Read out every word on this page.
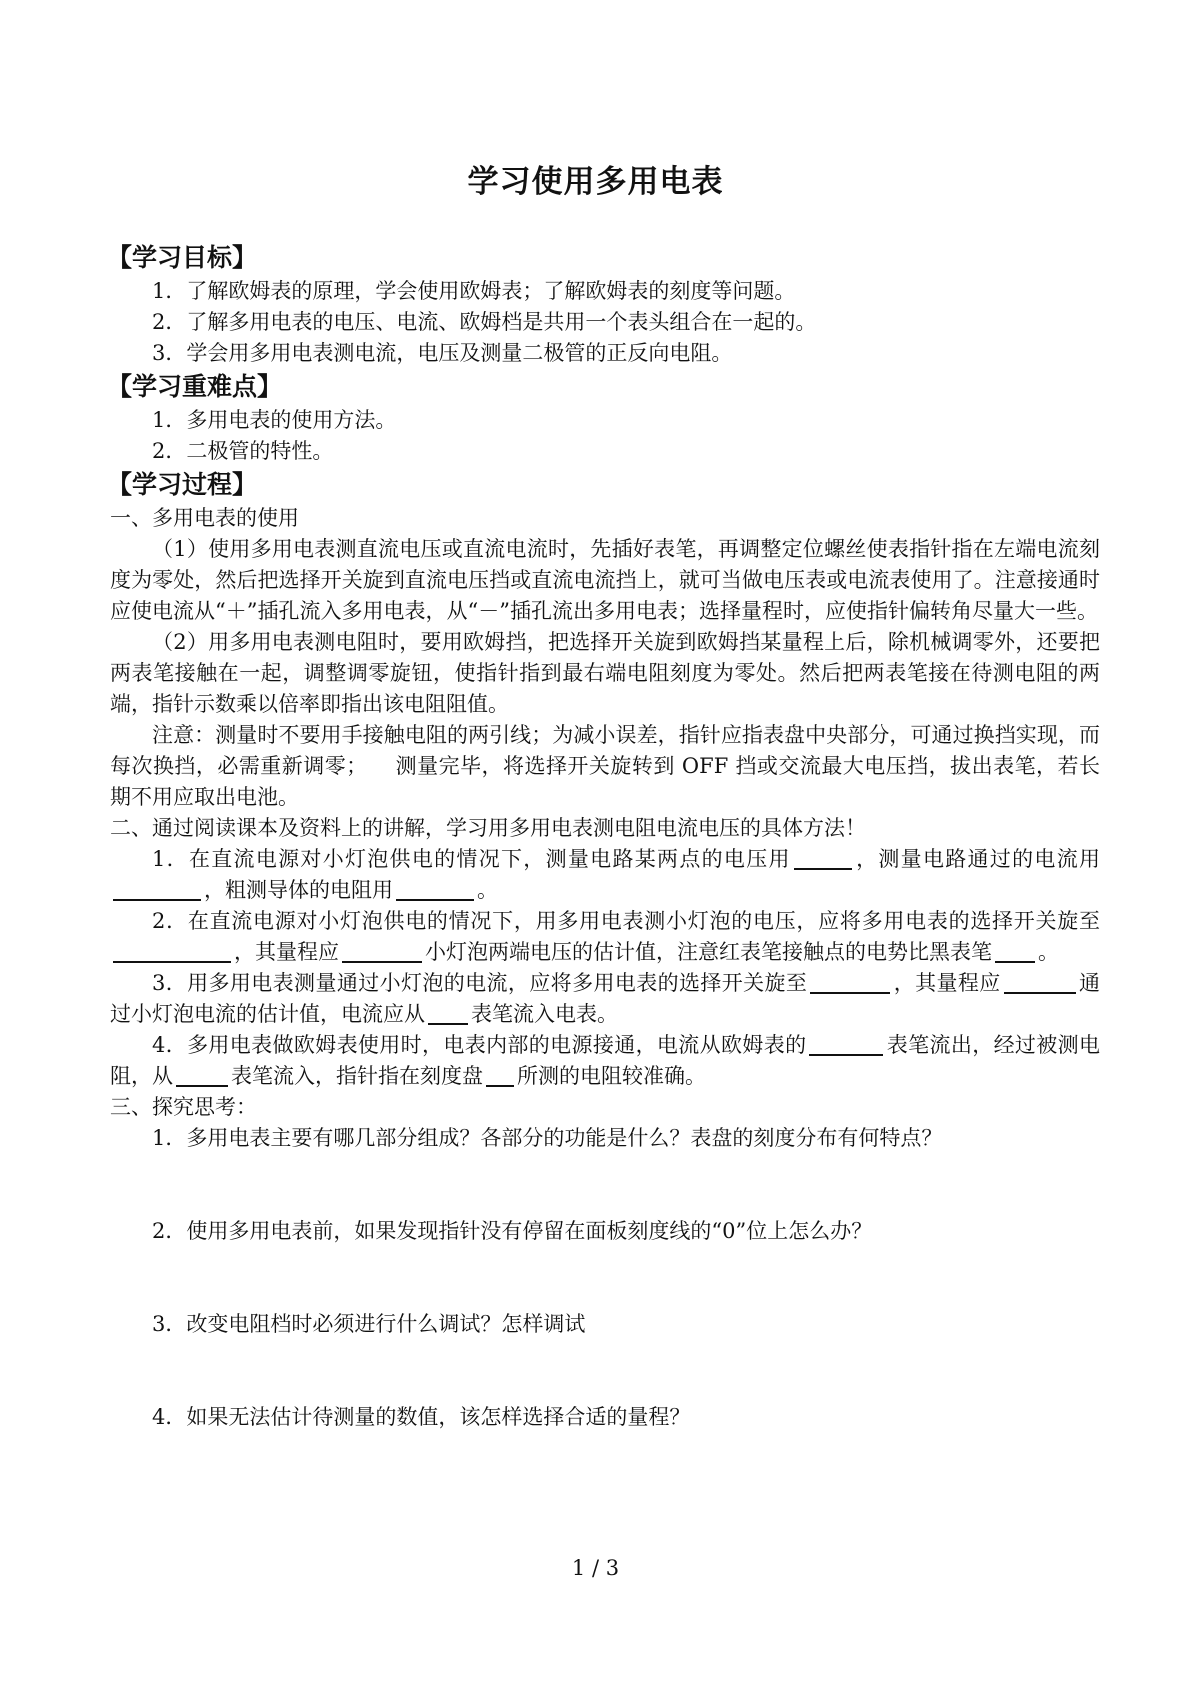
学习使用多用电表
【学习目标】
1．了解欧姆表的原理，学会使用欧姆表；了解欧姆表的刻度等问题。
2．了解多用电表的电压、电流、欧姆档是共用一个表头组合在一起的。
3．学会用多用电表测电流，电压及测量二极管的正反向电阻。
【学习重难点】
1．多用电表的使用方法。
2．二极管的特性。
【学习过程】
一、多用电表的使用
（1）使用多用电表测直流电压或直流电流时，先插好表笔，再调整定位螺丝使表指针指在左端电流刻度为零处，然后把选择开关旋到直流电压挡或直流电流挡上，就可当做电压表或电流表使用了。注意接通时应使电流从“＋”插孔流入多用电表，从“－”插孔流出多用电表；选择量程时，应使指针偏转角尽量大一些。
（2）用多用电表测电阻时，要用欧姆挡，把选择开关旋到欧姆挡某量程上后，除机械调零外，还要把两表笔接触在一起，调整调零旋钮，使指针指到最右端电阻刻度为零处。然后把两表笔接在待测电阻的两端，指针示数乘以倍率即指出该电阻阻值。
注意：测量时不要用手接触电阻的两引线；为减小误差，指针应指表盘中央部分，可通过换挡实现，而每次换挡，必需重新调零； 测量完毕，将选择开关旋转到 OFF 挡或交流最大电压挡，拔出表笔，若长期不用应取出电池。
二、通过阅读课本及资料上的讲解，学习用多用电表测电阻电流电压的具体方法！
1．在直流电源对小灯泡供电的情况下，测量电路某两点的电压用	，测量电路通过的电流用，粗测导体的电阻用	。
2．在直流电源对小灯泡供电的情况下，用多用电表测小灯泡的电压，应将多用电表的选择开关旋至，其量程应	小灯泡两端电压的估计值，注意红表笔接触点的电势比黑表笔 。
3．用多用电表测量通过小灯泡的电流，应将多用电表的选择开关旋至	，其量程应	通过小灯泡电流的估计值，电流应从 表笔流入电表。
4．多用电表做欧姆表使用时，电表内部的电源接通，电流从欧姆表的	表笔流出，经过被测电阻，从	表笔流入，指针指在刻度盘 所测的电阻较准确。
三、探究思考：
1．多用电表主要有哪几部分组成？各部分的功能是什么？表盘的刻度分布有何特点？
2．使用多用电表前，如果发现指针没有停留在面板刻度线的“0”位上怎么办？
3．改变电阻档时必须进行什么调试？怎样调试
4．如果无法估计待测量的数值，该怎样选择合适的量程？
1 / 3
